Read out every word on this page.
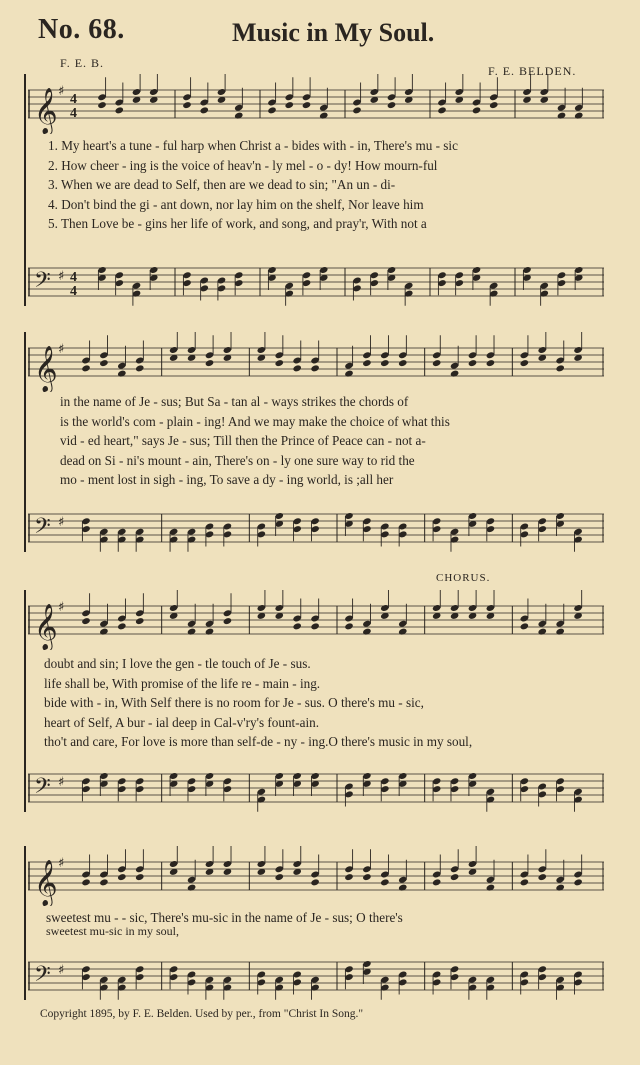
No. 68.	Music in My Soul.
F. E. B.
F. E. BELDEN.
𝄞 ♯
4
4
1. My heart's a tune - ful harp when Christ a - bides with - in, There's mu - sic
2. How cheer - ing is the voice of heav'n - ly mel - o - dy! How mourn-ful
3. When we are dead to Self, then are we dead to sin; "An un - di-
4. Don't bind the gi - ant down, nor lay him on the shelf, Nor leave him
5. Then Love be - gins her life of work, and song, and pray'r, With not a
𝄢 ♯ 4
4
𝄞 ♯
in the name of Je - sus; But Sa - tan al - ways strikes the chords of
is the world's com - plain - ing! And we may make the choice of what this
vid - ed heart," says Je - sus; Till then the Prince of Peace can - not a-
dead on Si - ni's mount - ain, There's on - ly one sure way to rid the
mo - ment lost in sigh - ing, To save a dy - ing world, is ;all her
𝄢 ♯
CHORUS.
𝄞 ♯
doubt and sin; I love the gen - tle touch of Je - sus.
life shall be, With promise of the life re - main - ing.
bide with - in, With Self there is no room for Je - sus. O there's mu - sic,
heart of Self, A bur - ial deep in Cal-v'ry's fount-ain.
tho't and care, For love is more than self-de - ny - ing.O there's music in my soul,
𝄢 ♯
𝄞 ♯
sweetest mu - - sic, There's mu-sic in the name of Je - sus; O there's
sweetest mu-sic in my soul,
𝄢 ♯
Copyright 1895, by F. E. Belden. Used by per., from "Christ In Song."
